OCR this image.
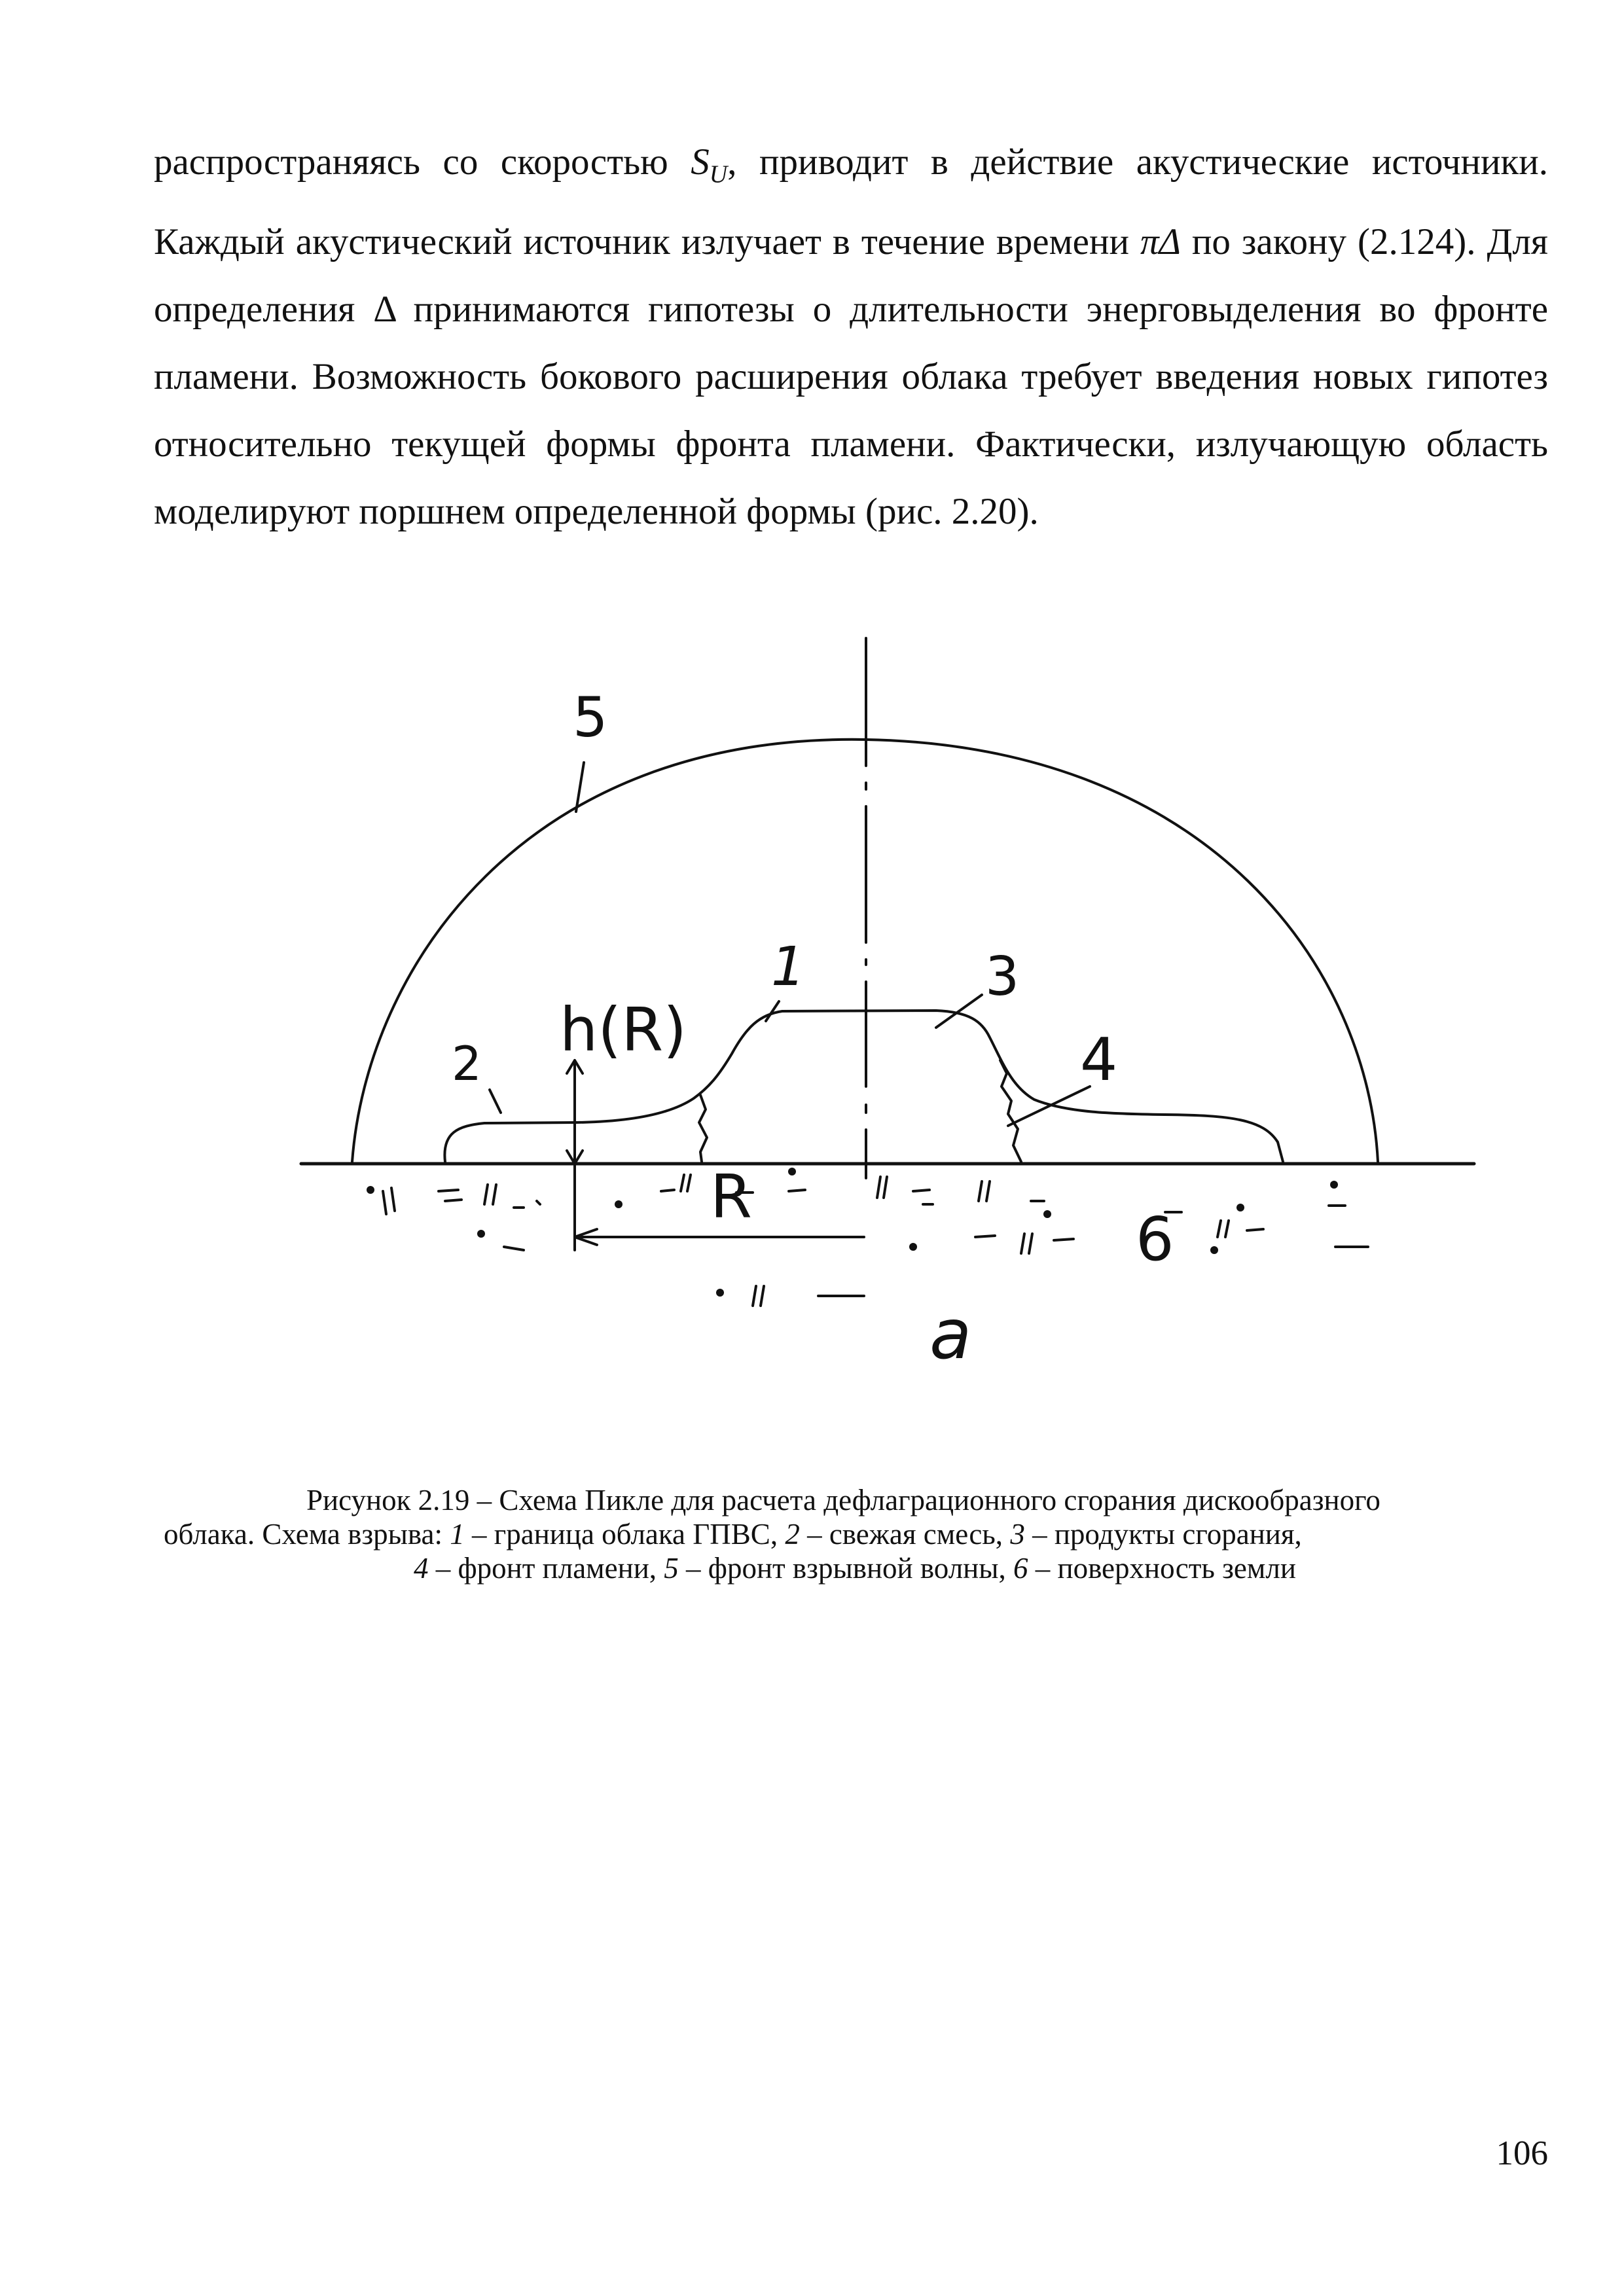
распространяясь со скоростью $S_U$, приводит в действие акустические источники. Каждый акустический источник излучает в течение времени πΔ по закону (2.124). Для определения Δ принимаются гипотезы о длительности энерговыделения во фронте пламени. Возможность бокового расширения облака требует введения новых гипотез относительно текущей формы фронта пламени. Фактически, излучающую область моделируют поршнем определенной формы (рис. 2.20).

5
1	3
4
2 h(R)
R
6
a
Рисунок 2.19 – Схема Пикле для расчета дефлаграционного сгорания дискообразного
облака. Схема взрыва: 1 – граница облака ГПВС, 2 – свежая смесь, 3 – продукты сгорания,
4 – фронт пламени, 5 – фронт взрывной волны, 6 – поверхность земли
106
